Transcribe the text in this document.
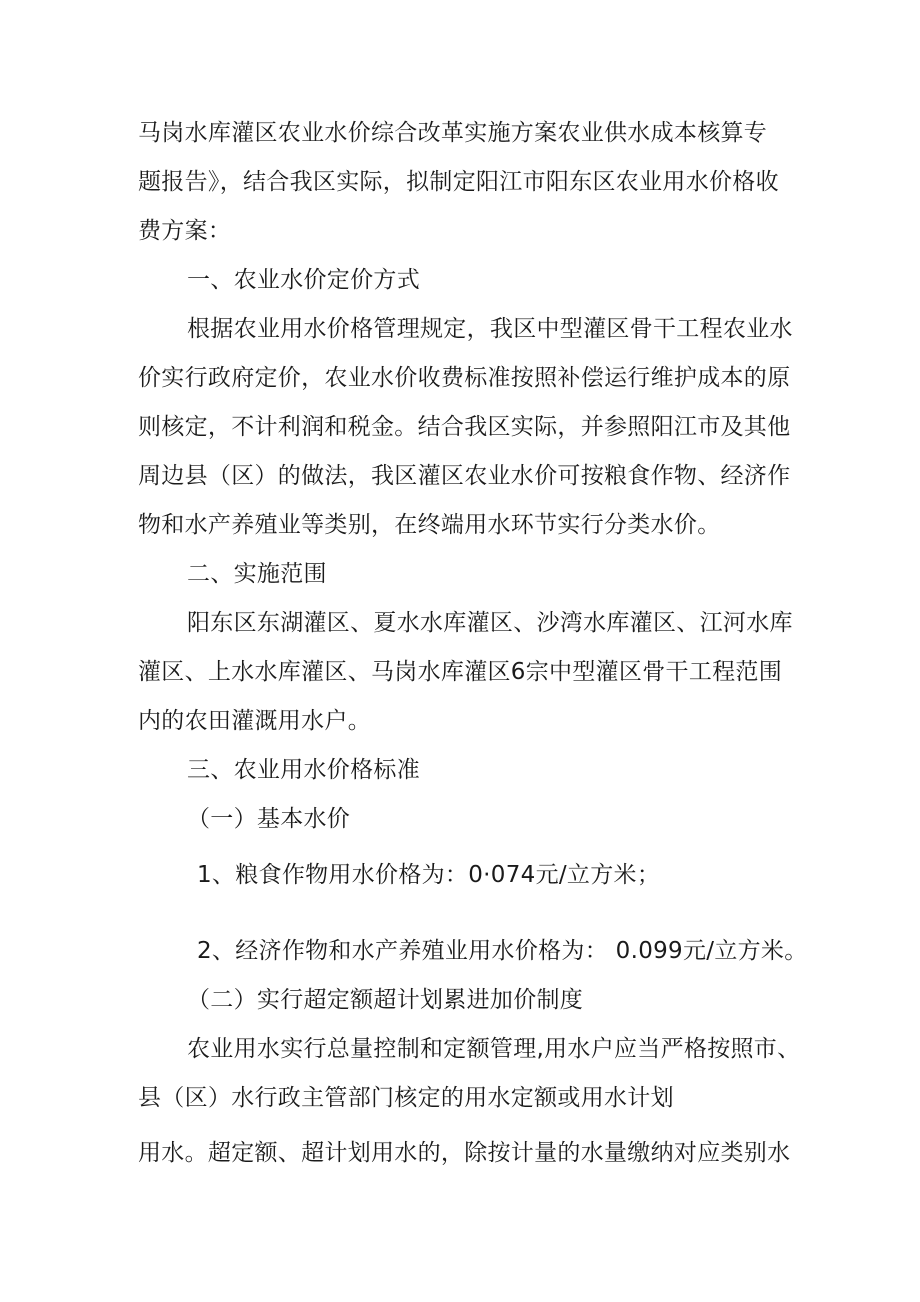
马岗水库灌区农业水价综合改革实施方案农业供水成本核算专
题报告》，结合我区实际，拟制定阳江市阳东区农业用水价格收
费方案：
一、农业水价定价方式
根据农业用水价格管理规定，我区中型灌区骨干工程农业水
价实行政府定价，农业水价收费标准按照补偿运行维护成本的原
则核定，不计利润和税金。结合我区实际，并参照阳江市及其他
周边县（区）的做法，我区灌区农业水价可按粮食作物、经济作
物和水产养殖业等类别，在终端用水环节实行分类水价。
二、实施范围
阳东区东湖灌区、夏水水库灌区、沙湾水库灌区、江河水库
灌区、上水水库灌区、马岗水库灌区6宗中型灌区骨干工程范围
内的农田灌溉用水户。
三、农业用水价格标准
（一）基本水价
1、粮食作物用水价格为：0·074元/立方米；
2、经济作物和水产养殖业用水价格为： 0.099元/立方米。
（二）实行超定额超计划累进加价制度
农业用水实行总量控制和定额管理,用水户应当严格按照市、
县（区）水行政主管部门核定的用水定额或用水计划
用水。超定额、超计划用水的，除按计量的水量缴纳对应类别水
